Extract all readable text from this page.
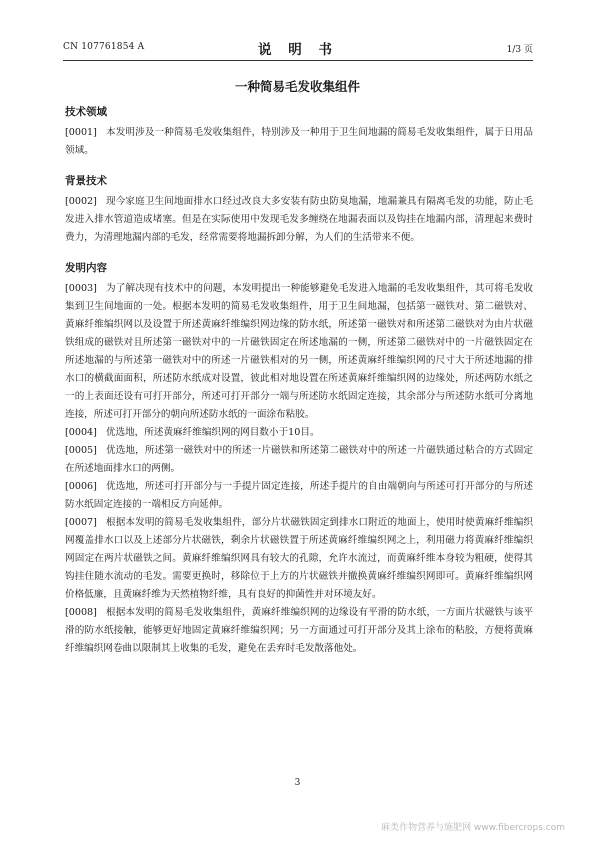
CN 107761854 A	说 明 书	1/3 页
一种简易毛发收集组件
技术领域

[0001] 本发明涉及一种简易毛发收集组件，特别涉及一种用于卫生间地漏的简易毛发收集组件，属于日用品领域。

背景技术

[0002] 现今家庭卫生间地面排水口经过改良大多安装有防虫防臭地漏，地漏兼具有隔离毛发的功能，防止毛发进入排水管道造成堵塞。但是在实际使用中发现毛发多缠绕在地漏表面以及钩挂在地漏内部，清理起来费时费力，为清理地漏内部的毛发，经常需要将地漏拆卸分解，为人们的生活带来不便。

发明内容

[0003] 为了解决现有技术中的问题，本发明提出一种能够避免毛发进入地漏的毛发收集组件，其可将毛发收集到卫生间地面的一处。根据本发明的简易毛发收集组件，用于卫生间地漏，包括第一磁铁对、第二磁铁对、黄麻纤维编织网以及设置于所述黄麻纤维编织网边缘的防水纸，所述第一磁铁对和所述第二磁铁对为由片状磁铁组成的磁铁对且所述第一磁铁对中的一片磁铁固定在所述地漏的一侧，所述第二磁铁对中的一片磁铁固定在所述地漏的与所述第一磁铁对中的所述一片磁铁相对的另一侧，所述黄麻纤维编织网的尺寸大于所述地漏的排水口的横截面面积，所述防水纸成对设置，彼此相对地设置在所述黄麻纤维编织网的边缘处，所述两防水纸之一的上表面还设有可打开部分，所述可打开部分一端与所述防水纸固定连接，其余部分与所述防水纸可分离地连接，所述可打开部分的朝向所述防水纸的一面涂布粘胶。

[0004] 优选地，所述黄麻纤维编织网的网目数小于10目。

[0005] 优选地，所述第一磁铁对中的所述一片磁铁和所述第二磁铁对中的所述一片磁铁通过粘合的方式固定在所述地面排水口的两侧。

[0006] 优选地，所述可打开部分与一手提片固定连接，所述手提片的自由端朝向与所述可打开部分的与所述防水纸固定连接的一端相反方向延伸。

[0007] 根据本发明的简易毛发收集组件，部分片状磁铁固定到排水口附近的地面上，使用时使黄麻纤维编织网覆盖排水口以及上述部分片状磁铁，剩余片状磁铁置于所述黄麻纤维编织网之上，利用磁力将黄麻纤维编织网固定在两片状磁铁之间。黄麻纤维编织网具有较大的孔隙，允许水流过，而黄麻纤维本身较为粗硬，使得其钩挂住随水流动的毛发。需要更换时，移除位于上方的片状磁铁并撤换黄麻纤维编织网即可。黄麻纤维编织网价格低廉，且黄麻纤维为天然植物纤维，具有良好的抑菌性并对环境友好。

[0008] 根据本发明的简易毛发收集组件，黄麻纤维编织网的边缘设有平滑的防水纸，一方面片状磁铁与该平滑的防水纸接触，能够更好地固定黄麻纤维编织网；另一方面通过可打开部分及其上涂布的粘胶，方便将黄麻纤维编织网卷曲以限制其上收集的毛发，避免在丢弃时毛发散落他处。

3
麻类作物营养与施肥网 www.fibercrops.com
